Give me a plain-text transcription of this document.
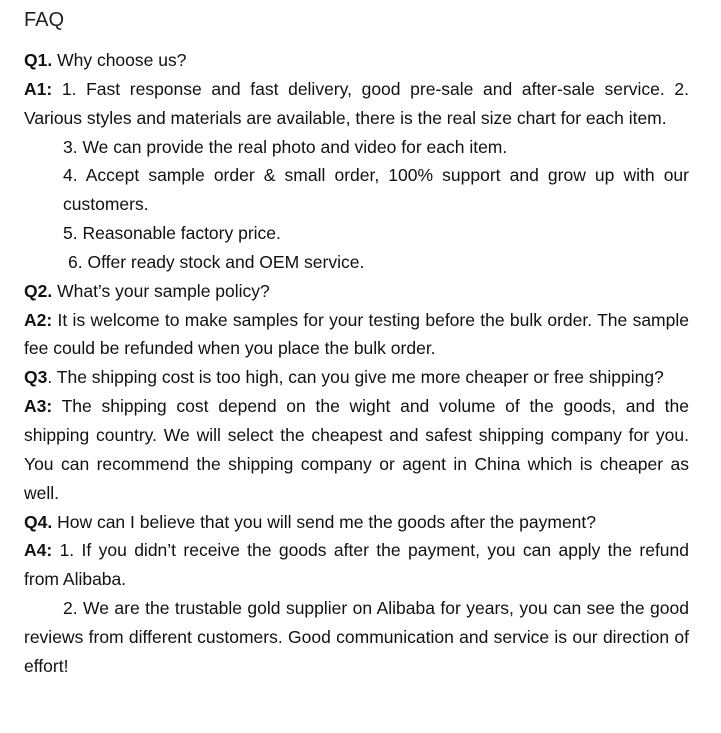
FAQ

Q1. Why choose us?

A1: 1. Fast response and fast delivery, good pre-sale and after-sale service. 2. Various styles and materials are available, there is the real size chart for each item.

3. We can provide the real photo and video for each item.

4. Accept sample order & small order, 100% support and grow up with our customers.

5. Reasonable factory price.

6. Offer ready stock and OEM service.

Q2. What’s your sample policy?

A2: It is welcome to make samples for your testing before the bulk order. The sample fee could be refunded when you place the bulk order.

Q3. The shipping cost is too high, can you give me more cheaper or free shipping?

A3: The shipping cost depend on the wight and volume of the goods, and the shipping country. We will select the cheapest and safest shipping company for you. You can recommend the shipping company or agent in China which is cheaper as well.

Q4. How can I believe that you will send me the goods after the payment?

A4: 1. If you didn’t receive the goods after the payment, you can apply the refund from Alibaba.

2. We are the trustable gold supplier on Alibaba for years, you can see the good reviews from different customers. Good communication and service is our direction of effort!
